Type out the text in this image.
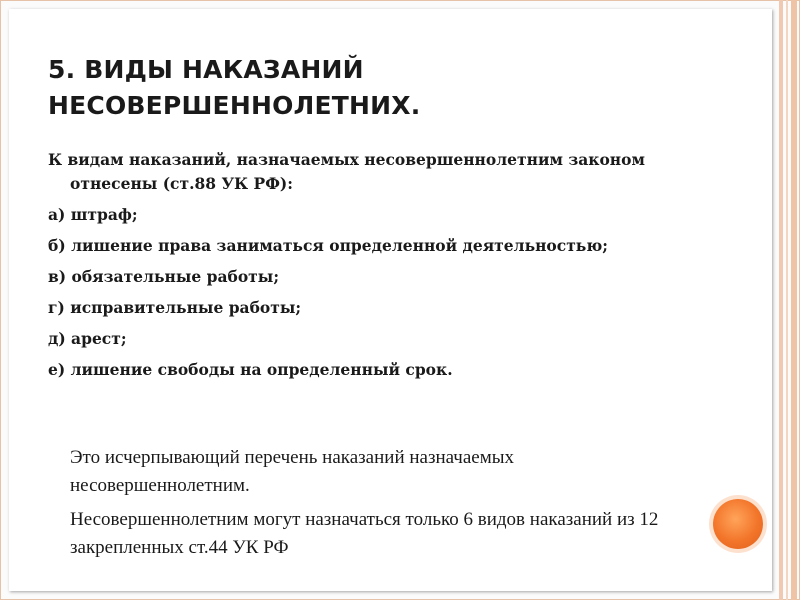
5. ВИДЫ НАКАЗАНИЙ
НЕСОВЕРШЕННОЛЕТНИХ.
К видам наказаний, назначаемых несовершеннолетним законом отнесены (ст.88 УК РФ):
а) штраф;
б) лишение права заниматься определенной деятельностью;
в) обязательные работы;
г) исправительные работы;
д) арест;
е) лишение свободы на определенный срок.
Это исчерпывающий перечень наказаний назначаемых несовершеннолетним.
Несовершеннолетним могут назначаться только 6 видов наказаний из 12 закрепленных ст.44 УК РФ
